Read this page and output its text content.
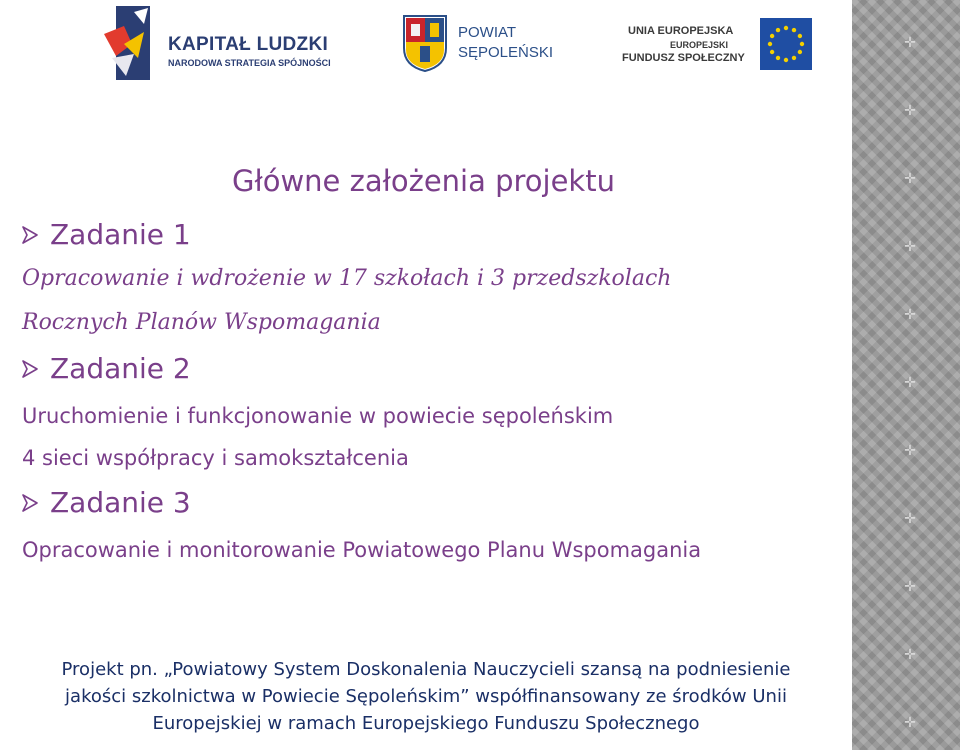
KAPITAŁ LUDZKI
NARODOWA STRATEGIA SPÓJNOŚCI
POWIAT
SĘPOLEŃSKI
UNIA EUROPEJSKA
EUROPEJSKI
FUNDUSZ SPOŁECZNY
Główne założenia projektu
Zadanie 1
Opracowanie i wdrożenie w 17 szkołach i 3 przedszkolach
Rocznych Planów Wspomagania
Zadanie 2
Uruchomienie i funkcjonowanie w powiecie sępoleńskim
4 sieci współpracy i samokształcenia
Zadanie 3
Opracowanie i monitorowanie Powiatowego Planu Wspomagania
Projekt pn. „Powiatowy System Doskonalenia Nauczycieli szansą na podniesienie
jakości szkolnictwa w Powiecie Sępoleńskim” współfinansowany ze środków Unii
Europejskiej w ramach Europejskiego Funduszu Społecznego
✛
✛
✛
✛
✛
✛
✛
✛
✛
✛
✛
